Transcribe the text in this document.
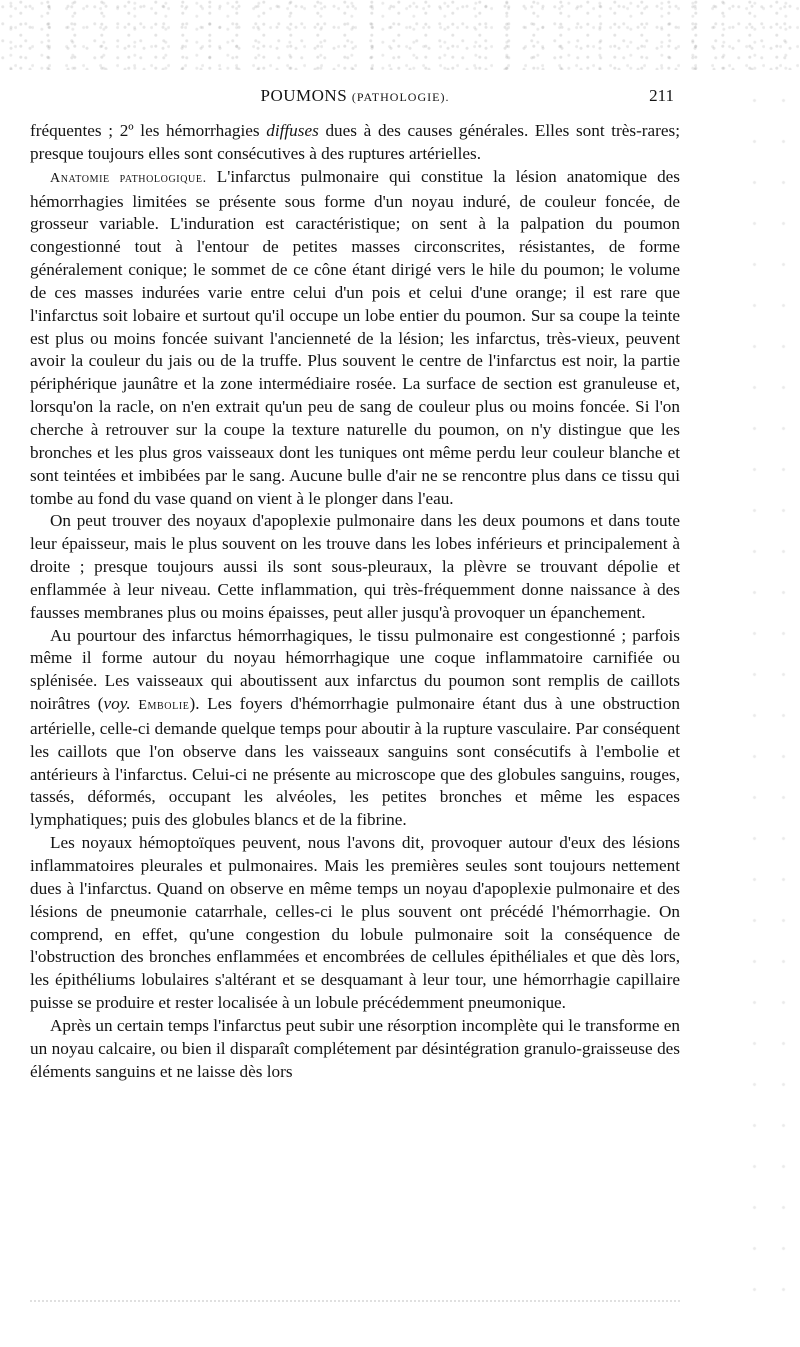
POUMONS (PATHOLOGIE).	211

fréquentes ; 2º les hémorrhagies diffuses dues à des causes générales. Elles sont très-rares; presque toujours elles sont consécutives à des ruptures artérielles.

Anatomie pathologique. L'infarctus pulmonaire qui constitue la lésion anatomique des hémorrhagies limitées se présente sous forme d'un noyau induré, de couleur foncée, de grosseur variable. L'induration est caractéristique; on sent à la palpation du poumon congestionné tout à l'entour de petites masses circonscrites, résistantes, de forme généralement conique; le sommet de ce cône étant dirigé vers le hile du poumon; le volume de ces masses indurées varie entre celui d'un pois et celui d'une orange; il est rare que l'infarctus soit lobaire et surtout qu'il occupe un lobe entier du poumon. Sur sa coupe la teinte est plus ou moins foncée suivant l'ancienneté de la lésion; les infarctus, très-vieux, peuvent avoir la couleur du jais ou de la truffe. Plus souvent le centre de l'infarctus est noir, la partie périphérique jaunâtre et la zone intermédiaire rosée. La surface de section est granuleuse et, lorsqu'on la racle, on n'en extrait qu'un peu de sang de couleur plus ou moins foncée. Si l'on cherche à retrouver sur la coupe la texture naturelle du poumon, on n'y distingue que les bronches et les plus gros vaisseaux dont les tuniques ont même perdu leur couleur blanche et sont teintées et imbibées par le sang. Aucune bulle d'air ne se rencontre plus dans ce tissu qui tombe au fond du vase quand on vient à le plonger dans l'eau.

On peut trouver des noyaux d'apoplexie pulmonaire dans les deux poumons et dans toute leur épaisseur, mais le plus souvent on les trouve dans les lobes inférieurs et principalement à droite ; presque toujours aussi ils sont sous-pleuraux, la plèvre se trouvant dépolie et enflammée à leur niveau. Cette inflammation, qui très-fréquemment donne naissance à des fausses membranes plus ou moins épaisses, peut aller jusqu'à provoquer un épanchement.

Au pourtour des infarctus hémorrhagiques, le tissu pulmonaire est congestionné ; parfois même il forme autour du noyau hémorrhagique une coque inflammatoire carnifiée ou splénisée. Les vaisseaux qui aboutissent aux infarctus du poumon sont remplis de caillots noirâtres (voy. Embolie). Les foyers d'hémorrhagie pulmonaire étant dus à une obstruction artérielle, celle-ci demande quelque temps pour aboutir à la rupture vasculaire. Par conséquent les caillots que l'on observe dans les vaisseaux sanguins sont consécutifs à l'embolie et antérieurs à l'infarctus. Celui-ci ne présente au microscope que des globules sanguins, rouges, tassés, déformés, occupant les alvéoles, les petites bronches et même les espaces lymphatiques; puis des globules blancs et de la fibrine.

Les noyaux hémoptoïques peuvent, nous l'avons dit, provoquer autour d'eux des lésions inflammatoires pleurales et pulmonaires. Mais les premières seules sont toujours nettement dues à l'infarctus. Quand on observe en même temps un noyau d'apoplexie pulmonaire et des lésions de pneumonie catarrhale, celles-ci le plus souvent ont précédé l'hémorrhagie. On comprend, en effet, qu'une congestion du lobule pulmonaire soit la conséquence de l'obstruction des bronches enflammées et encombrées de cellules épithéliales et que dès lors, les épithéliums lobulaires s'altérant et se desquamant à leur tour, une hémorrhagie capillaire puisse se produire et rester localisée à un lobule précédemment pneumonique.

Après un certain temps l'infarctus peut subir une résorption incomplète qui le transforme en un noyau calcaire, ou bien il disparaît complétement par désintégration granulo-graisseuse des éléments sanguins et ne laisse dès lors
